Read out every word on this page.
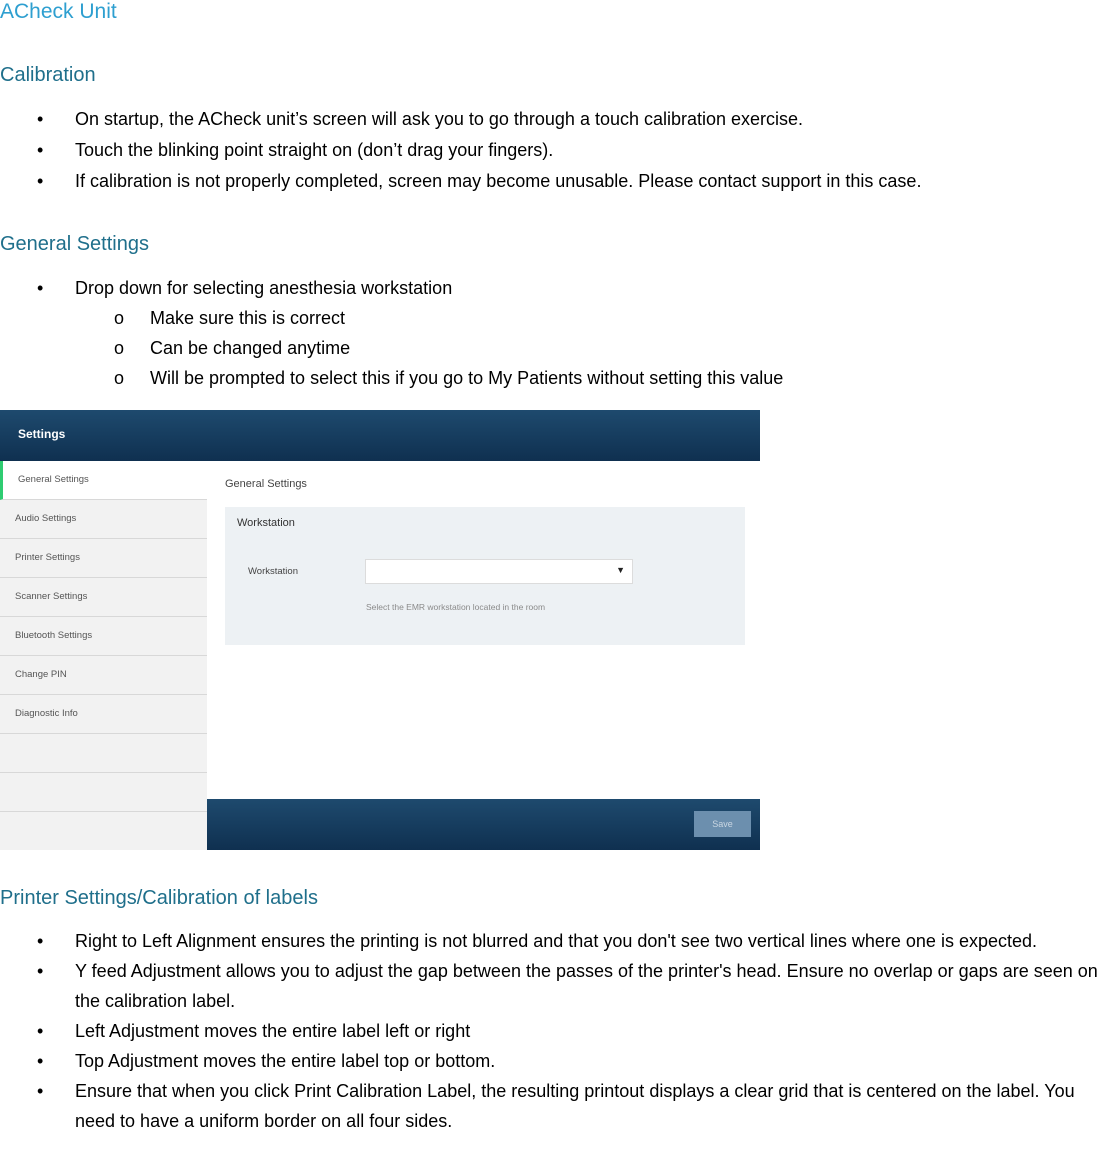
ACheck Unit
Calibration
• On startup, the ACheck unit’s screen will ask you to go through a touch calibration exercise.
• Touch the blinking point straight on (don’t drag your fingers).
• If calibration is not properly completed, screen may become unusable. Please contact support in this case.
General Settings
• Drop down for selecting anesthesia workstation
o Make sure this is correct
o Can be changed anytime
o Will be prompted to select this if you go to My Patients without setting this value
Settings
General Settings
Audio Settings
Printer Settings
Scanner Settings
Bluetooth Settings
Change PIN
Diagnostic Info
General Settings
Workstation
Workstation	▼
Select the EMR workstation located in the room
Save
Printer Settings/Calibration of labels
• Right to Left Alignment ensures the printing is not blurred and that you don't see two vertical lines where one is expected.
• Y feed Adjustment allows you to adjust the gap between the passes of the printer's head. Ensure no overlap or gaps are seen on the calibration label.
• Left Adjustment moves the entire label left or right
• Top Adjustment moves the entire label top or bottom.
• Ensure that when you click Print Calibration Label, the resulting printout displays a clear grid that is centered on the label. You need to have a uniform border on all four sides.
